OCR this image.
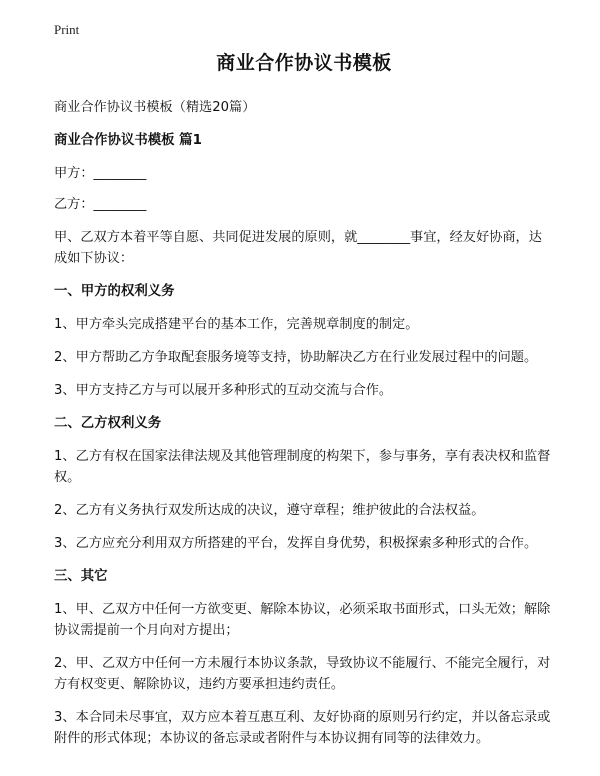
Print
商业合作协议书模板
商业合作协议书模板（精选20篇）
商业合作协议书模板 篇1
甲方：________
乙方：________
甲、乙双方本着平等自愿、共同促进发展的原则，就________事宜，经友好协商，达成如下协议：
一、甲方的权利义务
1、甲方牵头完成搭建平台的基本工作，完善规章制度的制定。
2、甲方帮助乙方争取配套服务境等支持，协助解决乙方在行业发展过程中的问题。
3、甲方支持乙方与可以展开多种形式的互动交流与合作。
二、乙方权利义务
1、乙方有权在国家法律法规及其他管理制度的构架下，参与事务，享有表决权和监督权。
2、乙方有义务执行双发所达成的决议，遵守章程；维护彼此的合法权益。
3、乙方应充分利用双方所搭建的平台，发挥自身优势，积极探索多种形式的合作。
三、其它
1、甲、乙双方中任何一方欲变更、解除本协议，必须采取书面形式，口头无效；解除协议需提前一个月向对方提出；
2、甲、乙双方中任何一方未履行本协议条款，导致协议不能履行、不能完全履行，对方有权变更、解除协议，违约方要承担违约责任。
3、本合同未尽事宜，双方应本着互惠互利、友好协商的原则另行约定，并以备忘录或附件的形式体现；本协议的备忘录或者附件与本协议拥有同等的法律效力。
